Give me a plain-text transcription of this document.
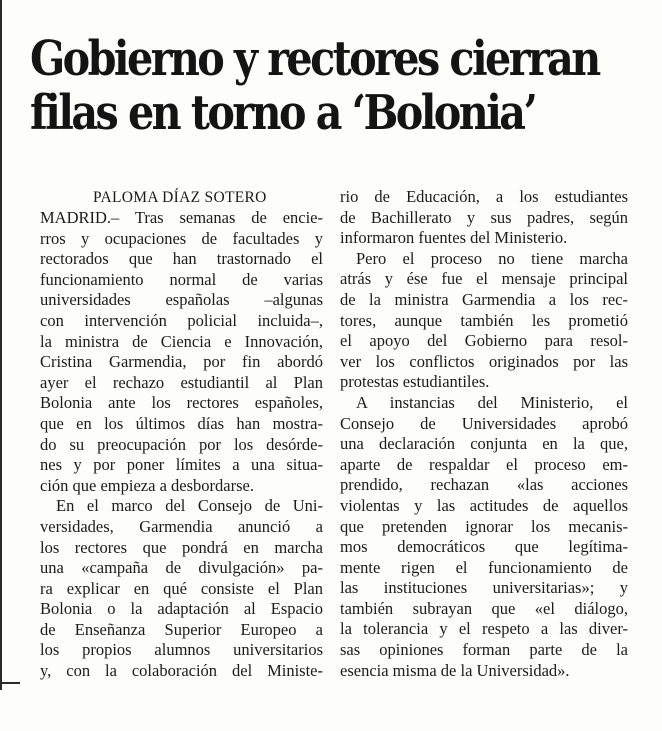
Gobierno y rectores cierran
filas en torno a ‘Bolonia’
PALOMA DÍAZ SOTERO
MADRID.– Tras semanas de encie-
rros y ocupaciones de facultades y
rectorados que han trastornado el
funcionamiento normal de varias
universidades españolas –algunas
con intervención policial incluida–,
la ministra de Ciencia e Innovación,
Cristina Garmendia, por fin abordó
ayer el rechazo estudiantil al Plan
Bolonia ante los rectores españoles,
que en los últimos días han mostra-
do su preocupación por los desórde-
nes y por poner límites a una situa-
ción que empieza a desbordarse.
En el marco del Consejo de Uni-
versidades, Garmendia anunció a
los rectores que pondrá en marcha
una «campaña de divulgación» pa-
ra explicar en qué consiste el Plan
Bolonia o la adaptación al Espacio
de Enseñanza Superior Europeo a
los propios alumnos universitarios
y, con la colaboración del Ministe-
rio de Educación, a los estudiantes
de Bachillerato y sus padres, según
informaron fuentes del Ministerio.
Pero el proceso no tiene marcha
atrás y ése fue el mensaje principal
de la ministra Garmendia a los rec-
tores, aunque también les prometió
el apoyo del Gobierno para resol-
ver los conflictos originados por las
protestas estudiantiles.
A instancias del Ministerio, el
Consejo de Universidades aprobó
una declaración conjunta en la que,
aparte de respaldar el proceso em-
prendido, rechazan «las acciones
violentas y las actitudes de aquellos
que pretenden ignorar los mecanis-
mos democráticos que legítima-
mente rigen el funcionamiento de
las instituciones universitarias»; y
también subrayan que «el diálogo,
la tolerancia y el respeto a las diver-
sas opiniones forman parte de la
esencia misma de la Universidad».
